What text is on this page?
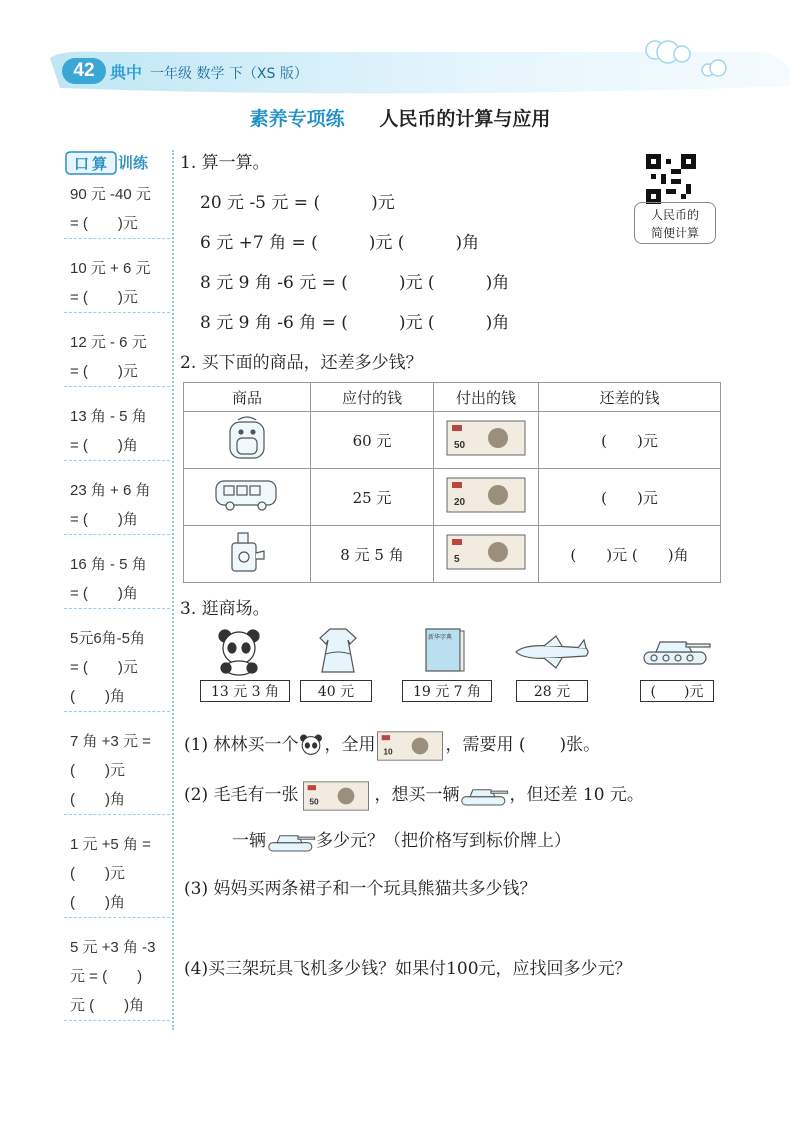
42 典中 一年级 数学 下（XS 版）
素养专项练 人民币的计算与应用
口 算 训练
90 元 -40 元
= (　　)元
10 元 + 6 元
= (　　)元
12 元 - 6 元
= (　　)元
13 角 - 5 角
= (　　)角
23 角 + 6 角
= (　　)角
16 角 - 5 角
= (　　)角
5元6角-5角
= (　　)元
(　　)角
7 角 +3 元 =
(　　)元
(　　)角
1 元 +5 角 =
(　　)元
(　　)角
5 元 +3 角 -3
元 = (　　)
元 (　　)角
1. 算一算。
20 元 -5 元 = (　　　)元
6 元 +7 角 = (　　　)元 (　　　)角
8 元 9 角 -6 元 = (　　　)元 (　　　)角
8 元 9 角 -6 角 = (　　　)元 (　　　)角
人民币的
简便计算
2. 买下面的商品，还差多少钱？
商品	应付的钱	付出的钱	还差的钱
	60 元	50	(　　)元
	25 元	20	(　　)元
	8 元 5 角	5	(　　)元 (　　)角
3. 逛商场。
新华字典
13 元 3 角	40 元	19 元 7 角	28 元	(　　)元
(1) 林林买一个 ，全用 10	，需要用 (　　)张。
(2) 毛毛有一张 50	，想买一辆	，但还差 10 元。
一辆	多少元？（把价格写到标价牌上）
(3) 妈妈买两条裙子和一个玩具熊猫共多少钱？
(4)买三架玩具飞机多少钱？如果付100元，应找回多少元？
